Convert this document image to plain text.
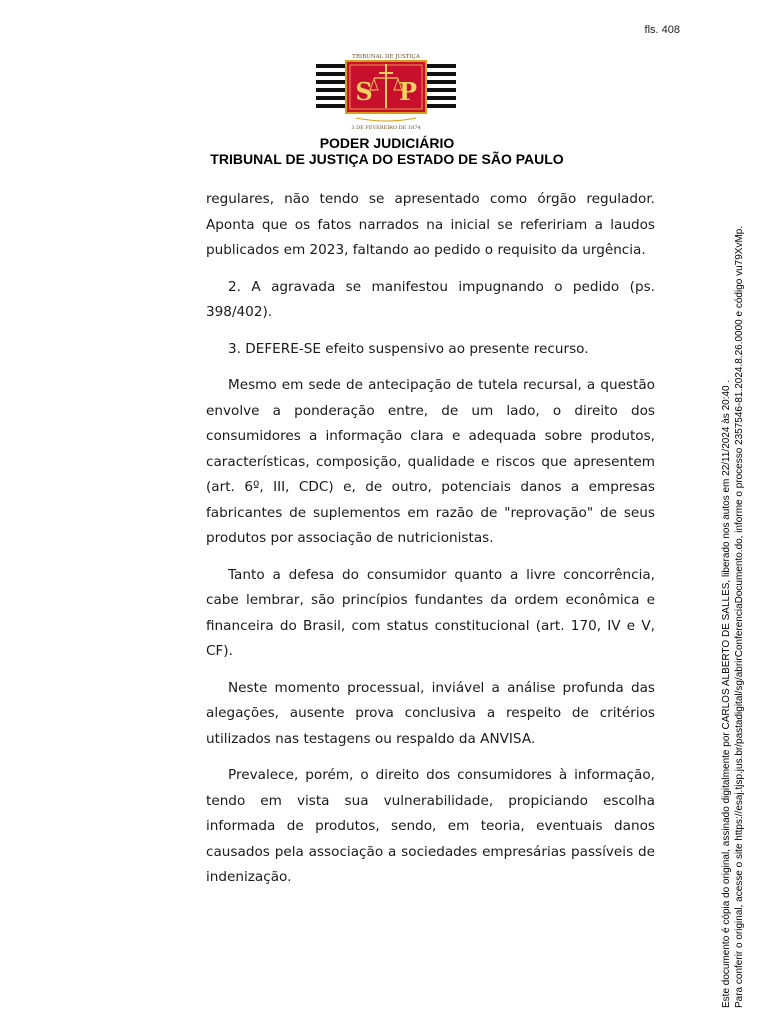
fls. 408
TRIBUNAL DE JUSTIÇA
S P
3 DE FEVEREIRO DE 1874
PODER JUDICIÁRIO
TRIBUNAL DE JUSTIÇA DO ESTADO DE SÃO PAULO

regulares, não tendo se apresentado como órgão regulador. Aponta que os fatos narrados na inicial se refeririam a laudos publicados em 2023, faltando ao pedido o requisito da urgência.

2. A agravada se manifestou impugnando o pedido (ps. 398/402).

3. DEFERE-SE efeito suspensivo ao presente recurso.

Mesmo em sede de antecipação de tutela recursal, a questão envolve a ponderação entre, de um lado, o direito dos consumidores a informação clara e adequada sobre produtos, características, composição, qualidade e riscos que apresentem (art. 6º, III, CDC) e, de outro, potenciais danos a empresas fabricantes de suplementos em razão de "reprovação" de seus produtos por associação de nutricionistas.

Tanto a defesa do consumidor quanto a livre concorrência, cabe lembrar, são princípios fundantes da ordem econômica e financeira do Brasil, com status constitucional (art. 170, IV e V, CF).

Neste momento processual, inviável a análise profunda das alegações, ausente prova conclusiva a respeito de critérios utilizados nas testagens ou respaldo da ANVISA.

Prevalece, porém, o direito dos consumidores à informação, tendo em vista sua vulnerabilidade, propiciando escolha informada de produtos, sendo, em teoria, eventuais danos causados pela associação a sociedades empresárias passíveis de indenização.	Este documento é cópia do original, assinado digitalmente por CARLOS ALBERTO DE SALLES, liberado nos autos em 22/11/2024 às 20:40 . Para conferir o original, acesse o site https://esaj.tjsp.jus.br/pastadigital/sg/abrirConferenciaDocumento.do, informe o processo 2357546-81.2024.8.26.0000 e código vu79XvMp.
